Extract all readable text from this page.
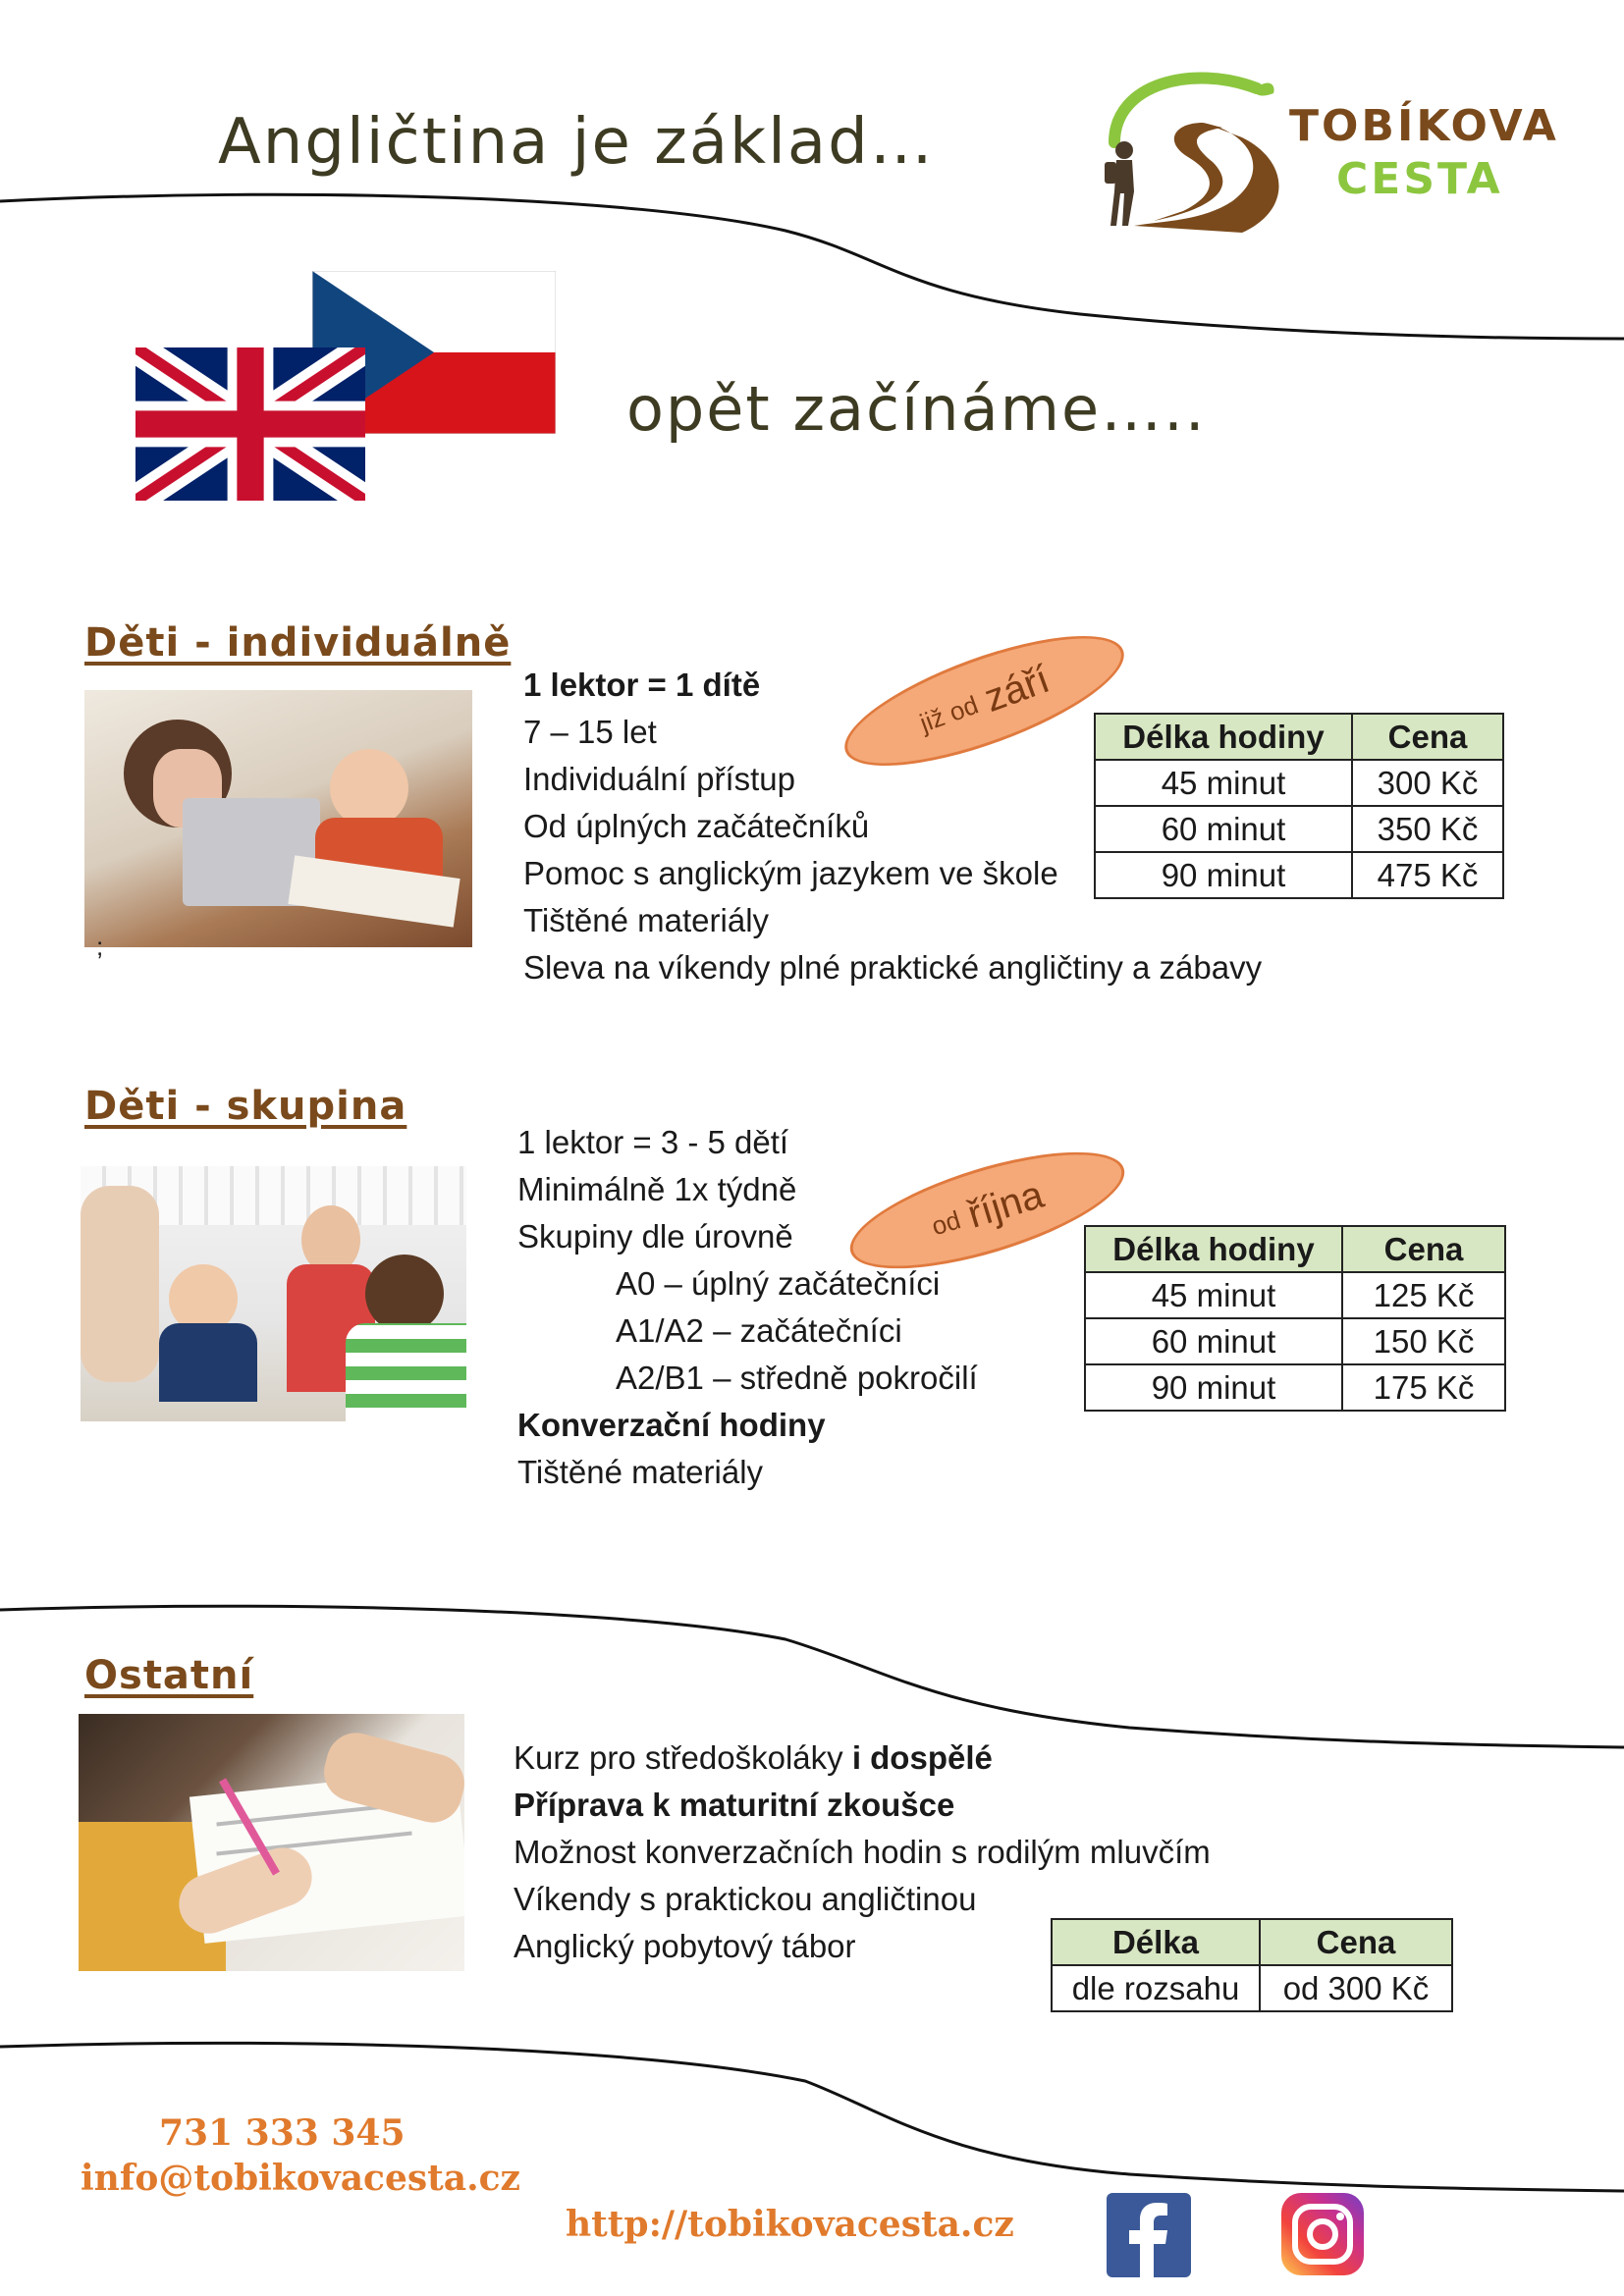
Angličtina je základ…	TOBÍKOVA
CESTA
opět začínáme…..
Děti - individuálně
;
1 lektor = 1 dítě
7 – 15 let
Individuální přístup
Od úplných začátečníků
Pomoc s anglickým jazykem ve škole
Tištěné materiály
Sleva na víkendy plné praktické angličtiny a zábavy
již od
září
Délka hodiny	Cena
45 minut	300 Kč
60 minut	350 Kč
90 minut	475 Kč
Děti - skupina
1 lektor = 3 - 5 dětí
Minimálně 1x týdně
Skupiny dle úrovně
A0 – úplný začátečníci
A1/A2 – začátečníci
A2/B1 – středně pokročilí
Konverzační hodiny
Tištěné materiály
od
října
Délka hodiny	Cena
45 minut	125 Kč
60 minut	150 Kč
90 minut	175 Kč
Ostatní
Kurz pro středoškoláky i dospělé
Příprava k maturitní zkoušce
Možnost konverzačních hodin s rodilým mluvčím
Víkendy s praktickou angličtinou
Anglický pobytový tábor	Délka	Cena
dle rozsahu	od 300 Kč
731 333 345
info@tobikovacesta.cz
http://tobikovacesta.cz
